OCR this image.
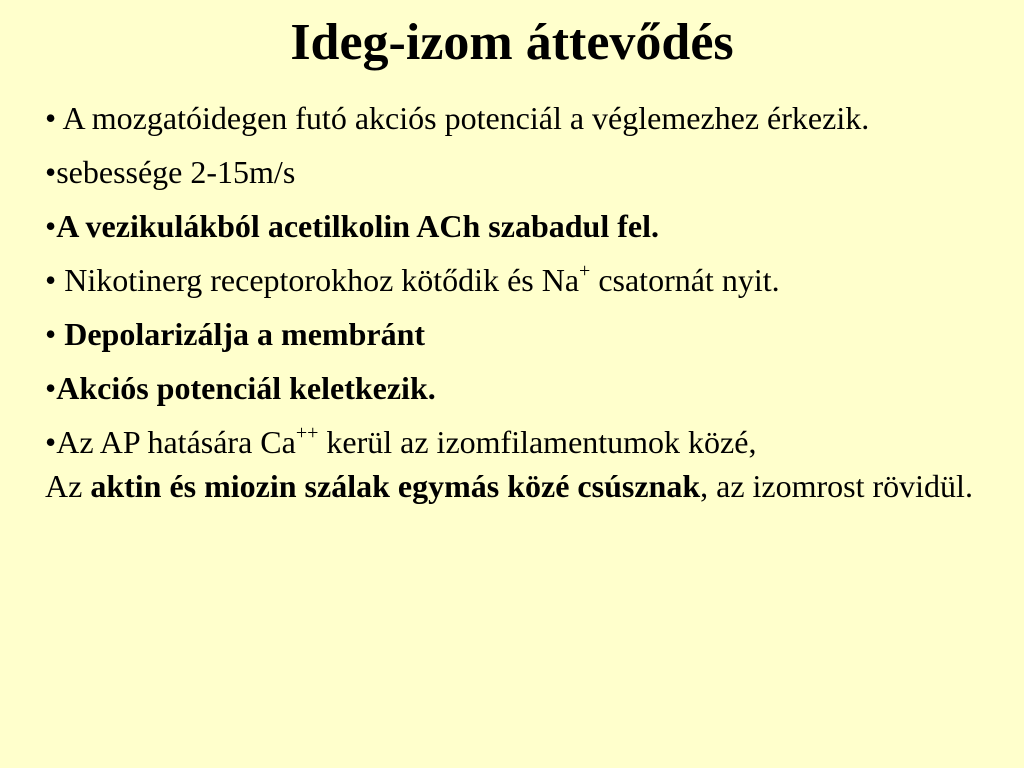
Ideg-izom áttevődés
• A mozgatóidegen futó akciós potenciál a véglemezhez érkezik.
•sebessége 2-15m/s
•A vezikulákból acetilkolin ACh szabadul fel.
• Nikotinerg receptorokhoz kötődik és Na+ csatornát nyit.
• Depolarizálja a membránt
•Akciós potenciál keletkezik.
•Az AP hatására Ca++ kerül az izomfilamentumok közé,
Az aktin és miozin szálak egymás közé csúsznak, az izomrost rövidül.
